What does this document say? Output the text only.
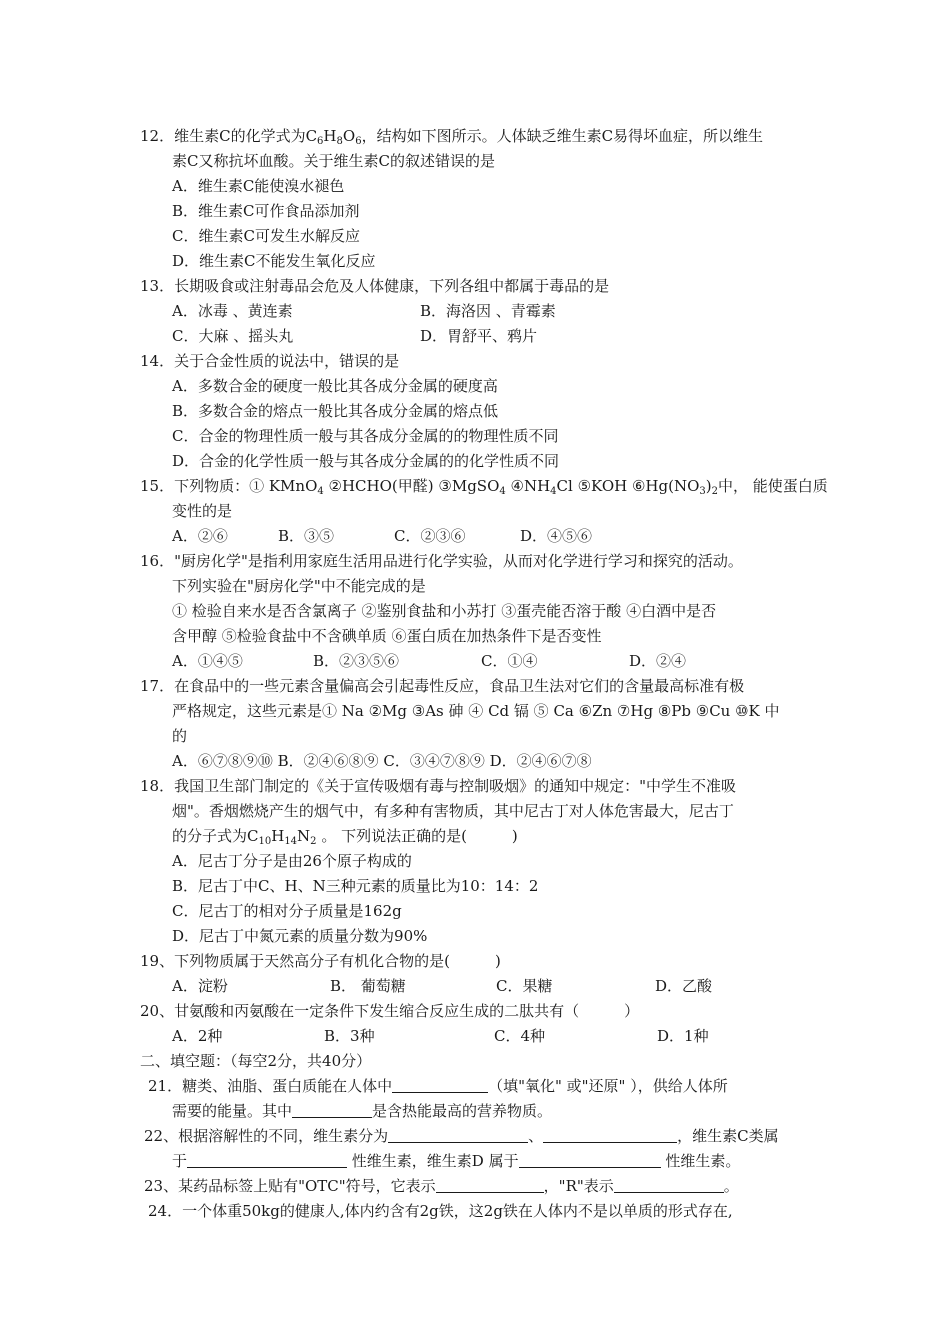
12．维生素C的化学式为$C_6H_8O_6$，结构如下图所示。人体缺乏维生素C易得坏血症，所以维生
素C又称抗坏血酸。关于维生素C的叙述错误的是
A．维生素C能使溴水褪色
B．维生素C可作食品添加剂
C．维生素C可发生水解反应
D．维生素C不能发生氧化反应
13．长期吸食或注射毒品会危及人体健康，下列各组中都属于毒品的是
A．冰毒 、黄连素	B．海洛因 、青霉素
C．大麻 、摇头丸	D．胃舒平、鸦片
14．关于合金性质的说法中，错误的是
A．多数合金的硬度一般比其各成分金属的硬度高
B．多数合金的熔点一般比其各成分金属的熔点低
C．合金的物理性质一般与其各成分金属的的物理性质不同
D．合金的化学性质一般与其各成分金属的的化学性质不同
15．下列物质：① KMnO$_4$ ②HCHO(甲醛) ③MgSO$_4$ $④NH_4Cl$ ⑤KOH $⑥Hg(NO_3)_2$中， 能使蛋白质
变性的是
A．②⑥	B．③⑤	C．②③⑥	D．④⑤⑥
16．"厨房化学"是指利用家庭生活用品进行化学实验，从而对化学进行学习和探究的活动。
下列实验在"厨房化学"中不能完成的是
① 检验自来水是否含氯离子 ②鉴别食盐和小苏打 ③蛋壳能否溶于酸 ④白酒中是否
含甲醇 ⑤检验食盐中不含碘单质 ⑥蛋白质在加热条件下是否变性
A．①④⑤	B．②③⑤⑥	C．①④	D．②④
17．在食品中的一些元素含量偏高会引起毒性反应，食品卫生法对它们的含量最高标准有极
严格规定，这些元素是① Na ②Mg ③As 砷 ④ Cd 镉 ⑤ Ca ⑥Zn ⑦Hg ⑧Pb ⑨Cu ⑩K 中
的
A．⑥⑦⑧⑨⑩ B．②④⑥⑧⑨ C．③④⑦⑧⑨ D．②④⑥⑦⑧
18．我国卫生部门制定的《关于宣传吸烟有毒与控制吸烟》的通知中规定："中学生不准吸
烟"。香烟燃烧产生的烟气中，有多种有害物质，其中尼古丁对人体危害最大，尼古丁
的分子式为$C_{10}H_{14}N_2$ 。 下列说法正确的是(　　　)
A．尼古丁分子是由26个原子构成的
B．尼古丁中C、H、N三种元素的质量比为10：14：2
C．尼古丁的相对分子质量是162g
D．尼古丁中氮元素的质量分数为90%
19、下列物质属于天然高分子有机化合物的是(　　　)
A．淀粉	B． 葡萄糖	C．果糖	D．乙酸
20、甘氨酸和丙氨酸在一定条件下发生缩合反应生成的二肽共有（　　　）
A．2种	B．3种	C．4种	D．1种
二、填空题：（每空2分，共40分）
21．糖类、油脂、蛋白质能在人体中	（填"氧化" 或"还原" ），供给人体所
需要的能量。其中	是含热能最高的营养物质。
22、根据溶解性的不同，维生素分为	、	，维生素C类属
于	性维生素，维生素D 属于	性维生素。
23、某药品标签上贴有"OTC"符号，它表示	，"R"表示	。
24．一个体重50kg的健康人,体内约含有2g铁，这2g铁在人体内不是以单质的形式存在,
